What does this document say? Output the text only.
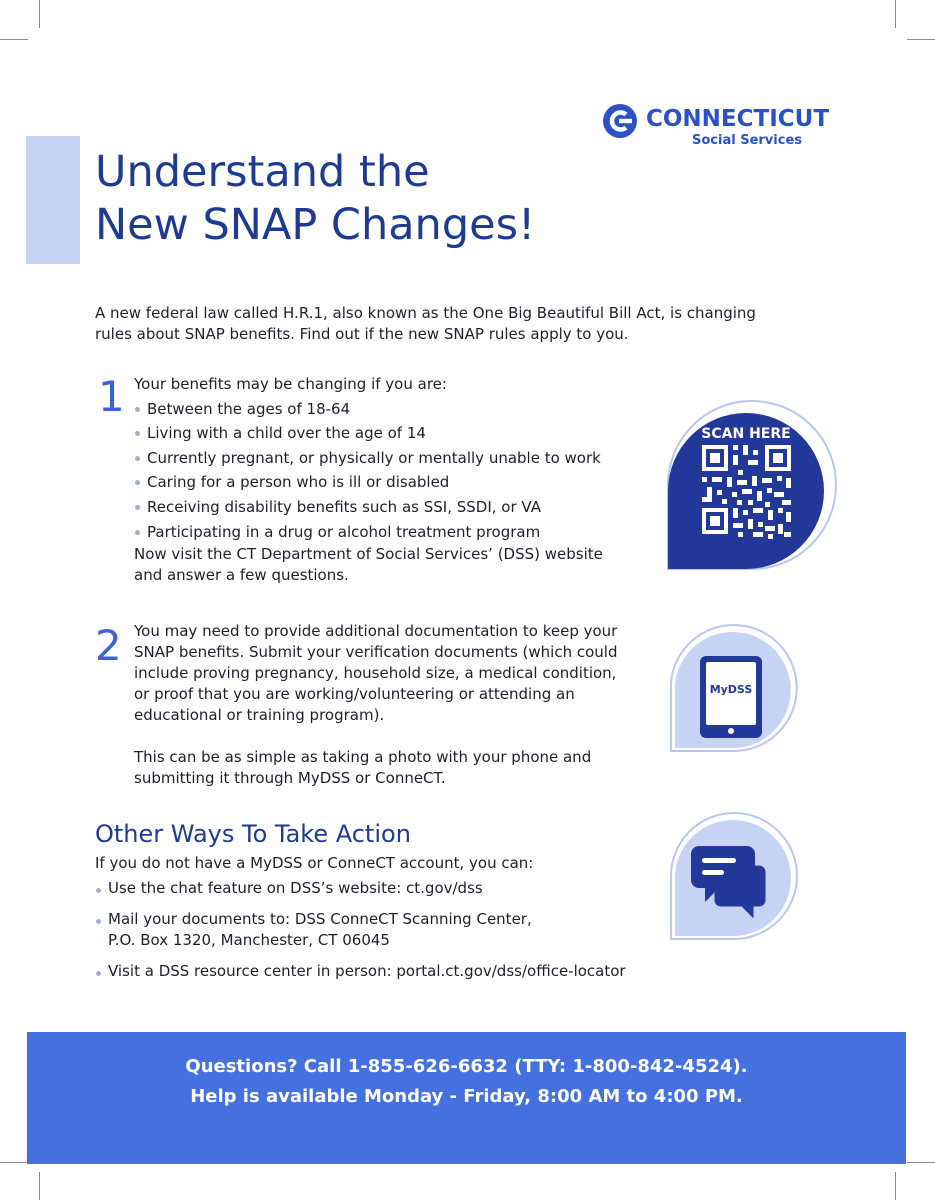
CONNECTICUT
Social Services
Understand the
New SNAP Changes!
A new federal law called H.R.1, also known as the One Big Beautiful Bill Act, is changing
rules about SNAP benefits. Find out if the new SNAP rules apply to you.
1 Your benefits may be changing if you are:

Between the ages of 18-64
Living with a child over the age of 14
Currently pregnant, or physically or mentally unable to work
Caring for a person who is ill or disabled
Receiving disability benefits such as SSI, SSDI, or VA
Participating in a drug or alcohol treatment program

Now visit the CT Department of Social Services’ (DSS) website
and answer a few questions.

2 You may need to provide additional documentation to keep your
SNAP benefits. Submit your verification documents (which could
include proving pregnancy, household size, a medical condition,
or proof that you are working/volunteering or attending an
educational or training program).

This can be as simple as taking a photo with your phone and
submitting it through MyDSS or ConneCT.

SCAN HERE
MyDSS
Other Ways To Take Action

If you do not have a MyDSS or ConneCT account, you can:

Use the chat feature on DSS’s website: ct.gov/dss
Mail your documents to: DSS ConneCT Scanning Center,
P.O. Box 1320, Manchester, CT 06045
Visit a DSS resource center in person: portal.ct.gov/dss/office-locator
Questions? Call 1-855-626-6632 (TTY: 1-800-842-4524).
Help is available Monday - Friday, 8:00 AM to 4:00 PM.
